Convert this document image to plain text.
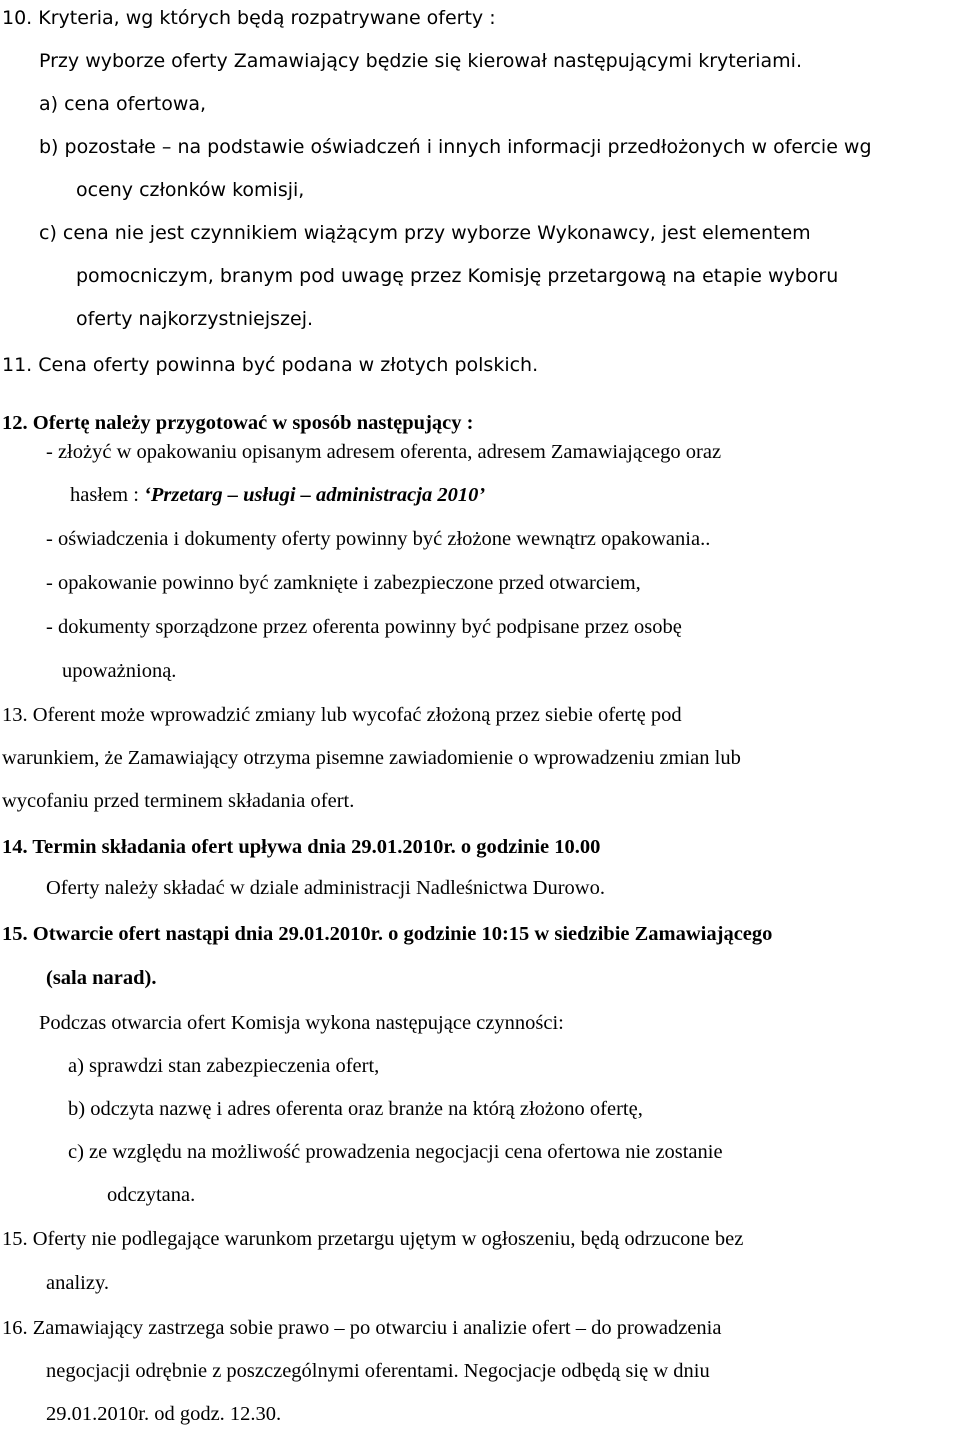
10. Kryteria, wg których będą rozpatrywane oferty :
Przy wyborze oferty Zamawiający będzie się kierował następującymi kryteriami.
a) cena ofertowa,
b) pozostałe – na podstawie oświadczeń i innych informacji przedłożonych w ofercie wg
oceny członków komisji,
c) cena nie jest czynnikiem wiążącym przy wyborze Wykonawcy, jest elementem
pomocniczym, branym pod uwagę przez Komisję przetargową na etapie wyboru
oferty najkorzystniejszej.
11. Cena oferty powinna być podana w złotych polskich.
12. Ofertę należy przygotować w sposób następujący :
- złożyć w opakowaniu opisanym adresem oferenta, adresem Zamawiającego oraz
hasłem : ‘Przetarg – usługi – administracja 2010’
- oświadczenia i dokumenty oferty powinny być złożone wewnątrz opakowania..
- opakowanie powinno być zamknięte i zabezpieczone przed otwarciem,
- dokumenty sporządzone przez oferenta powinny być podpisane przez osobę
upoważnioną.
13. Oferent może wprowadzić zmiany lub wycofać złożoną przez siebie ofertę pod
warunkiem, że Zamawiający otrzyma pisemne zawiadomienie o wprowadzeniu zmian lub
wycofaniu przed terminem składania ofert.
14. Termin składania ofert upływa dnia 29.01.2010r. o godzinie 10.00
Oferty należy składać w dziale administracji Nadleśnictwa Durowo.
15. Otwarcie ofert nastąpi dnia 29.01.2010r. o godzinie 10:15 w siedzibie Zamawiającego
(sala narad).
Podczas otwarcia ofert Komisja wykona następujące czynności:
a) sprawdzi stan zabezpieczenia ofert,
b) odczyta nazwę i adres oferenta oraz branże na którą złożono ofertę,
c) ze względu na możliwość prowadzenia negocjacji cena ofertowa nie zostanie
odczytana.
15. Oferty nie podlegające warunkom przetargu ujętym w ogłoszeniu, będą odrzucone bez
analizy.
16. Zamawiający zastrzega sobie prawo – po otwarciu i analizie ofert – do prowadzenia
negocjacji odrębnie z poszczególnymi oferentami. Negocjacje odbędą się w dniu
29.01.2010r. od godz. 12.30.
